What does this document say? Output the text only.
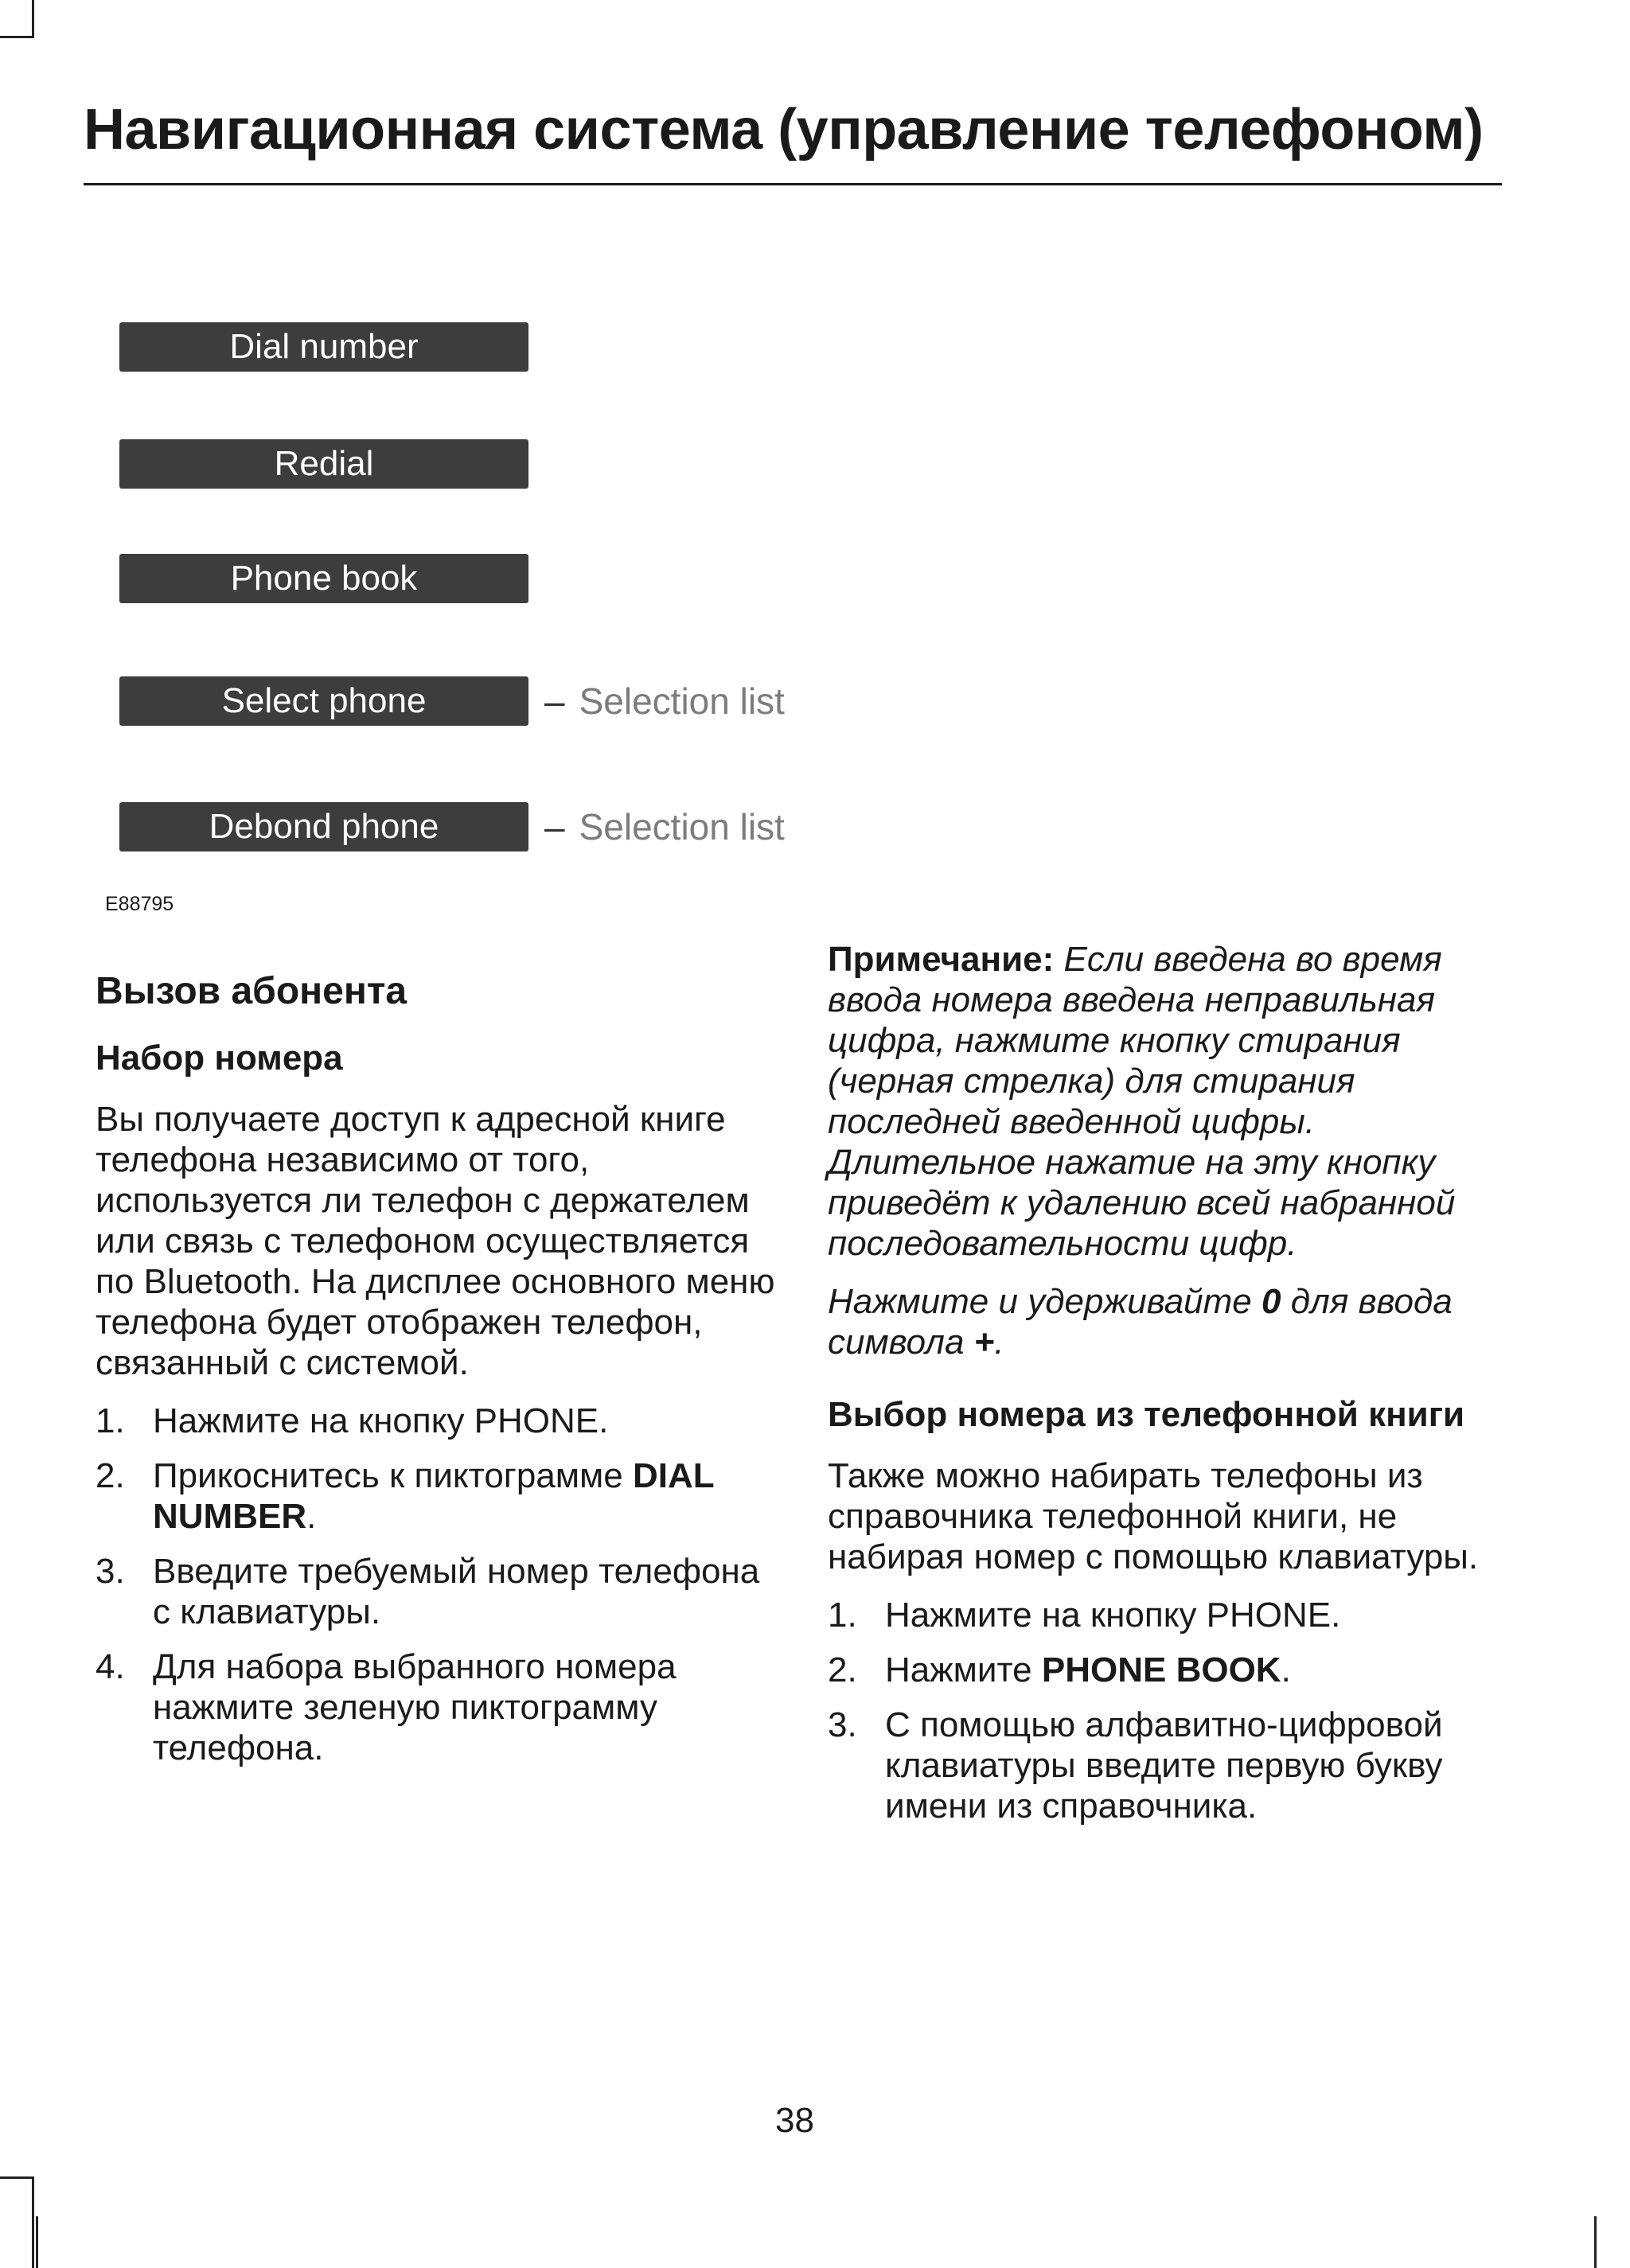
Навигационная система (управление телефоном)
Dial number
Redial
Phone book
Select phone	– Selection list
Debond phone	– Selection list
E88795
Вызов абонента
Набор номера

Вы получаете доступ к адресной книге телефона независимо от того, используется ли телефон с держателем или связь с телефоном осуществляется по Bluetooth. На дисплее основного меню телефона будет отображен телефон, связанный с системой.

1. Нажмите на кнопку PHONE.
2. Прикоснитесь к пиктограмме DIAL NUMBER.
3. Введите требуемый номер телефона с клавиатуры.
4. Для набора выбранного номера нажмите зеленую пиктограмму телефона.

Примечание: Если введена во время ввода номера введена неправильная цифра, нажмите кнопку стирания (черная стрелка) для стирания последней введенной цифры. Длительное нажатие на эту кнопку приведёт к удалению всей набранной последовательности цифр.

Нажмите и удерживайте 0 для ввода символа +.

Выбор номера из телефонной книги

Также можно набирать телефоны из справочника телефонной книги, не набирая номер с помощью клавиатуры.

1. Нажмите на кнопку PHONE.
2. Нажмите PHONE BOOK.
3. С помощью алфавитно-цифровой клавиатуры введите первую букву имени из справочника.
38
